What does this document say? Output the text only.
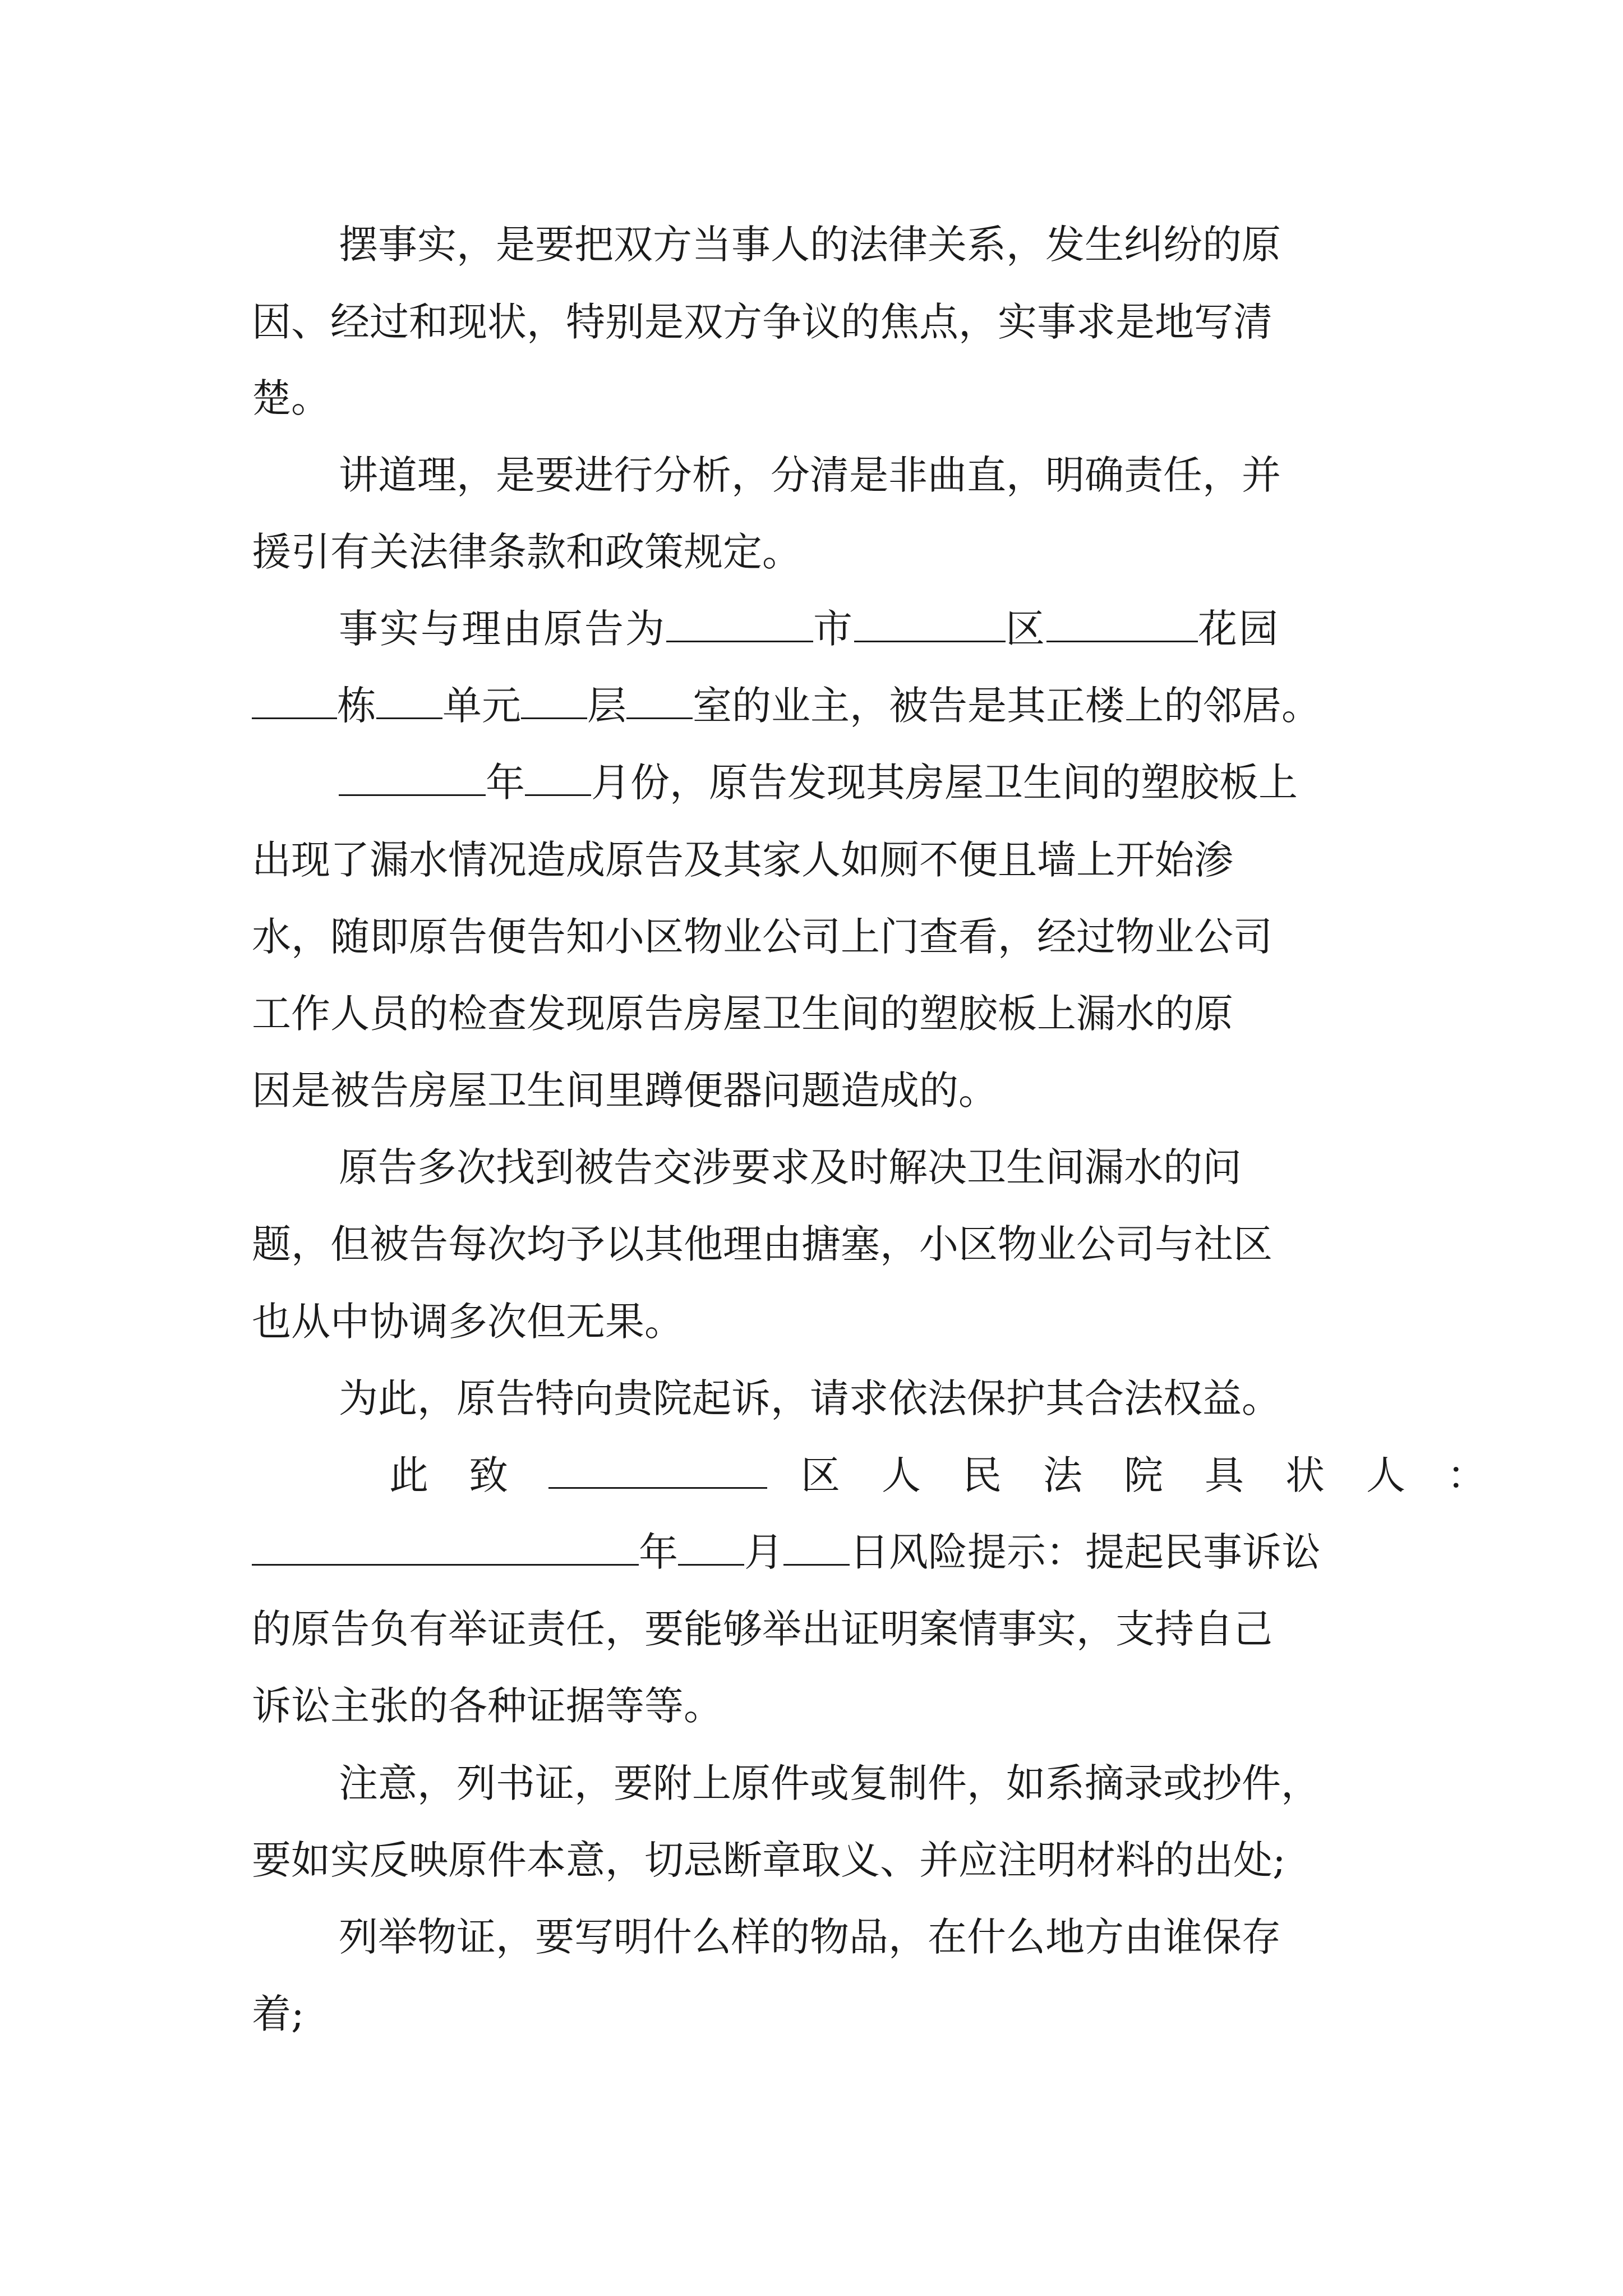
摆事实，是要把双方当事人的法律关系，发生纠纷的原
因、经过和现状，特别是双方争议的焦点，实事求是地写清
楚。
讲道理，是要进行分析，分清是非曲直，明确责任，并
援引有关法律条款和政策规定。
事实与理由原告为	市	区	花园
栋 单元 层 室的业主，被告是其正楼上的邻居。
年 月份，原告发现其房屋卫生间的塑胶板上
出现了漏水情况造成原告及其家人如厕不便且墙上开始渗
水，随即原告便告知小区物业公司上门查看，经过物业公司
工作人员的检查发现原告房屋卫生间的塑胶板上漏水的原
因是被告房屋卫生间里蹲便器问题造成的。
原告多次找到被告交涉要求及时解决卫生间漏水的问
题，但被告每次均予以其他理由搪塞，小区物业公司与社区
也从中协调多次但无果。
为此，原告特向贵院起诉，请求依法保护其合法权益。
此致	区人民法院具状人：
年 月 日风险提示：提起民事诉讼
的原告负有举证责任，要能够举出证明案情事实，支持自己
诉讼主张的各种证据等等。
注意，列书证，要附上原件或复制件，如系摘录或抄件，
要如实反映原件本意，切忌断章取义、并应注明材料的出处;
列举物证，要写明什么样的物品，在什么地方由谁保存
着;
